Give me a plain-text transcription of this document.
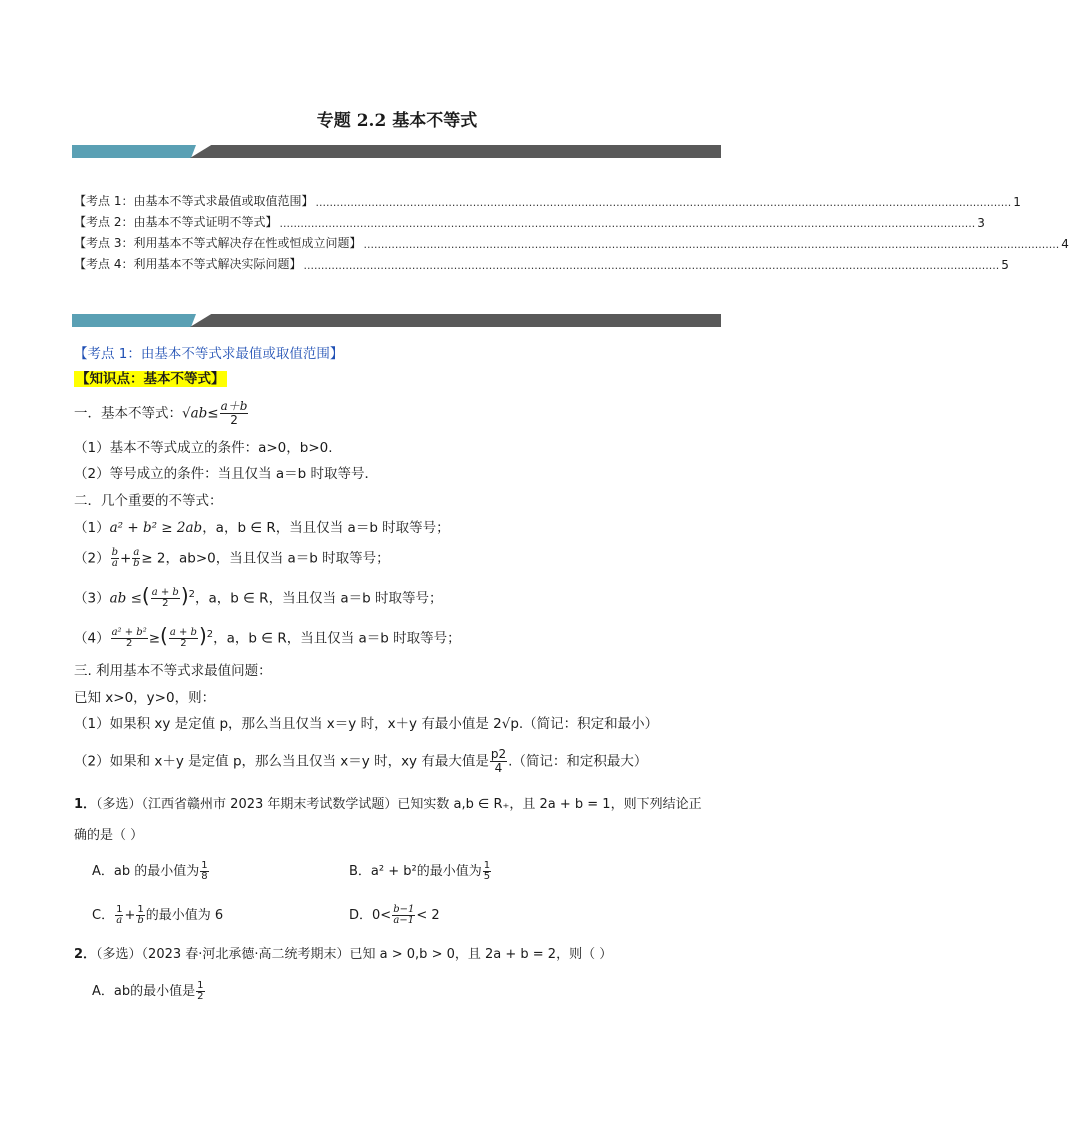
专题 2.2 基本不等式
【考点 1：由基本不等式求最值或取值范围】 ....................................................................................................................................................................................................... 1
【考点 2：由基本不等式证明不等式】 ....................................................................................................................................................................................................... 3
【考点 3：利用基本不等式解决存在性或恒成立问题】 ....................................................................................................................................................................................................... 4
【考点 4：利用基本不等式解决实际问题】 ....................................................................................................................................................................................................... 5
【考点 1：由基本不等式求最值或取值范围】
【知识点：基本不等式】
一．基本不等式：$√ab\le \frac{a+b}{2}$
（1）基本不等式成立的条件：a>0，b>0.
（2）等号成立的条件：当且仅当 a＝b 时取等号．
二．几个重要的不等式：
（1）a² + b² ≥ 2ab，a，b ∈ R，当且仅当 a＝b 时取等号；
$(2) \frac{b}{a} + \frac{a}{b} \ge 2$，ab>0，当且仅当 a＝b 时取等号；
（3）ab ≤( $\frac{a + b}{2} )^2$，a，b ∈ R，当且仅当 a＝b 时取等号；
$(4) \frac{\text{a² + b²}}{2}$ ≥( $\frac{a + b}{2} )^2$，a，b ∈ R，当且仅当 a＝b 时取等号；
三. 利用基本不等式求最值问题：
已知 x>0，y>0，则：
（1）如果积 xy 是定值 p，那么当且仅当 x＝y 时，x＋y 有最小值是 2√p.（简记：积定和最小）
（2）如果和 x＋y 是定值 p，那么当且仅当 x＝y 时，xy 有最大值是 $\frac{p2}{4}$ .（简记：和定积最大）
1．（多选）（江西省赣州市 2023 年期末考试数学试题）已知实数 a,b ∈ R₊，且 2a + b = 1，则下列结论正
确的是（ ）
A．ab 的最小值为 $\frac{1}{8}$	B．a² + b²的最小值为 $\frac{1}{5}$
C． $\frac{1}{a} + \frac{1}{b}$ 的最小值为 6	D．$0< \frac{b-1}{a-1} < 2$
2．（多选）（2023 春·河北承德·高二统考期末）已知 a > 0,b > 0，且 2a + b = 2，则（ ）
A．ab的最小值是 $\frac{1}{2}$
